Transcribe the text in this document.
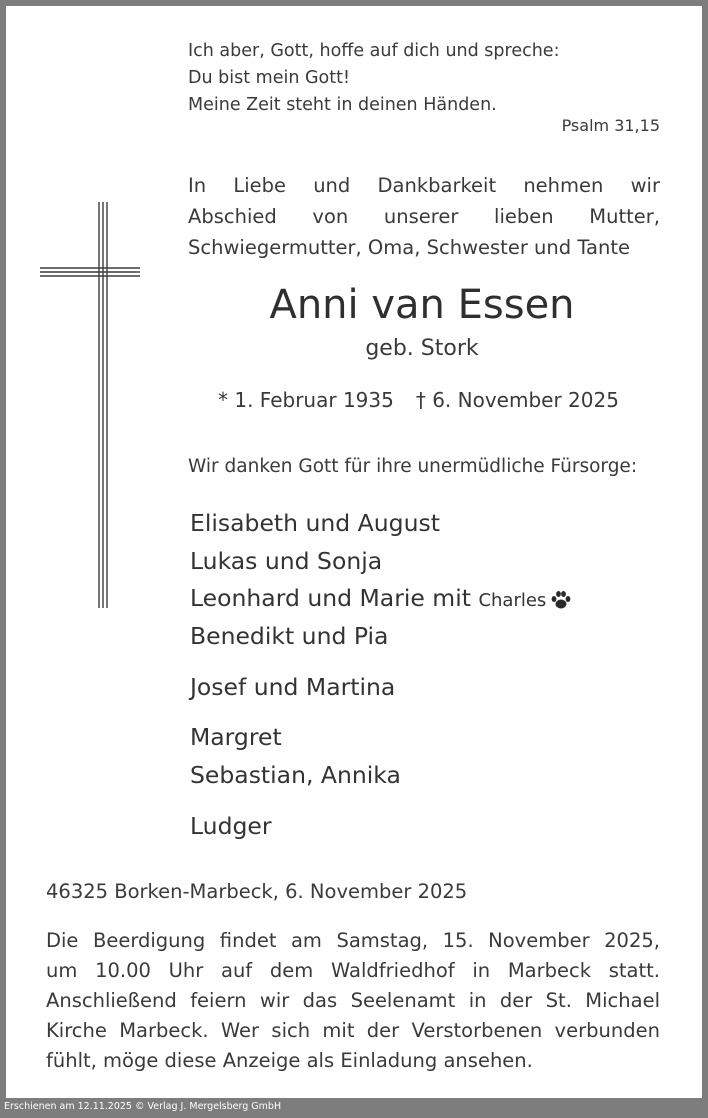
Ich aber, Gott, hoffe auf dich und spreche:
Du bist mein Gott!
Meine Zeit steht in deinen Händen.
Psalm 31,15
In Liebe und Dankbarkeit nehmen wir
Abschied von unserer lieben Mutter,
Schwiegermutter, Oma, Schwester und Tante
Anni van Essen
geb. Stork
* 1. Februar 1935 † 6. November 2025
Wir danken Gott für ihre unermüdliche Fürsorge:
Elisabeth und August
Lukas und Sonja
Leonhard und Marie mit Charles
Benedikt und Pia
Josef und Martina
Margret
Sebastian, Annika
Ludger
46325 Borken-Marbeck, 6. November 2025
Die Beerdigung findet am Samstag, 15. November 2025,
um 10.00 Uhr auf dem Waldfriedhof in Marbeck statt.
Anschließend feiern wir das Seelenamt in der St. Michael
Kirche Marbeck. Wer sich mit der Verstorbenen verbunden
fühlt, möge diese Anzeige als Einladung ansehen.
Erschienen am 12.11.2025 © Verlag J. Mergelsberg GmbH
